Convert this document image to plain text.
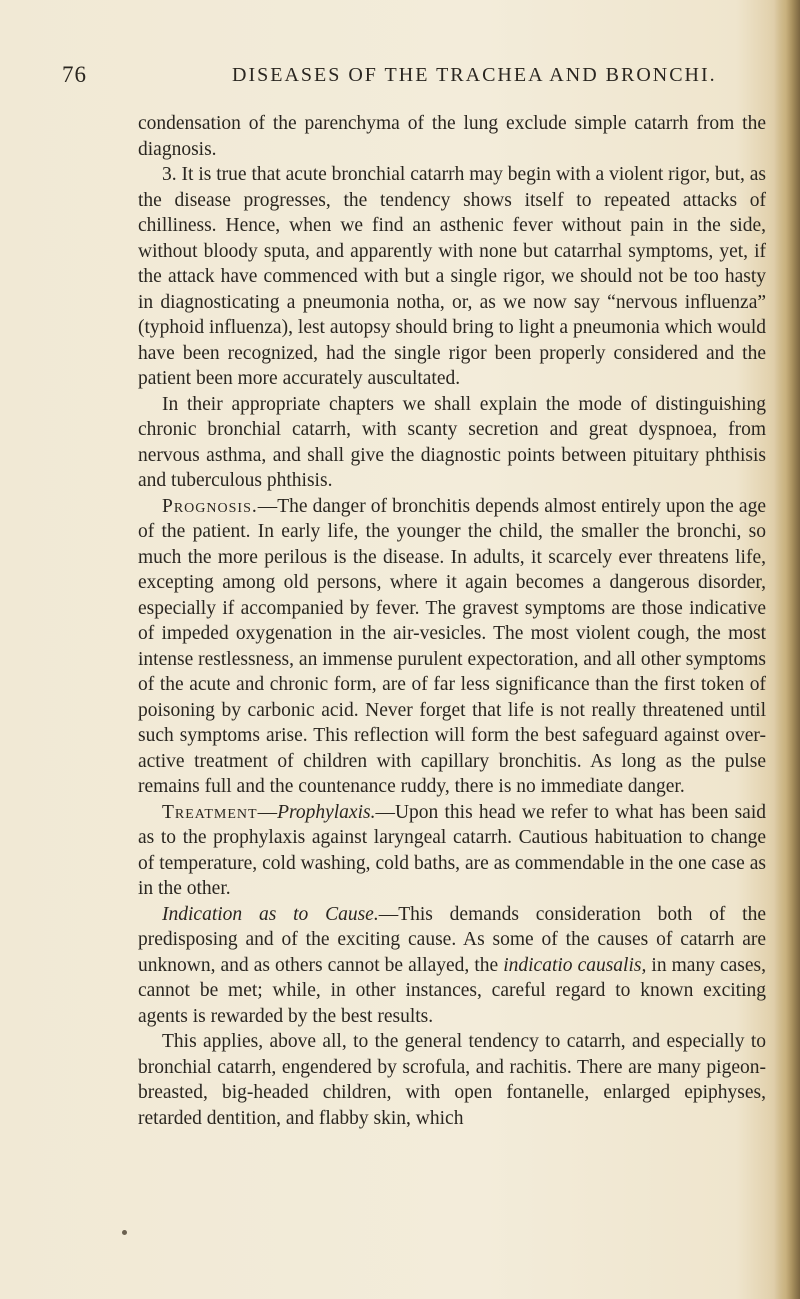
76	DISEASES OF THE TRACHEA AND BRONCHI.

condensation of the parenchyma of the lung exclude simple catarrh from the diagnosis.

3. It is true that acute bronchial catarrh may begin with a violent rigor, but, as the disease progresses, the tendency shows itself to repeated attacks of chilliness. Hence, when we find an asthenic fever without pain in the side, without bloody sputa, and apparently with none but catarrhal symptoms, yet, if the attack have commenced with but a single rigor, we should not be too hasty in diagnosticating a pneumonia notha, or, as we now say “nervous influenza” (typhoid influenza), lest autopsy should bring to light a pneumonia which would have been recognized, had the single rigor been properly considered and the patient been more accurately auscultated.

In their appropriate chapters we shall explain the mode of distinguishing chronic bronchial catarrh, with scanty secretion and great dyspnoea, from nervous asthma, and shall give the diagnostic points between pituitary phthisis and tuberculous phthisis.

Prognosis.—The danger of bronchitis depends almost entirely upon the age of the patient. In early life, the younger the child, the smaller the bronchi, so much the more perilous is the disease. In adults, it scarcely ever threatens life, excepting among old persons, where it again becomes a dangerous disorder, especially if accompanied by fever. The gravest symptoms are those indicative of impeded oxygenation in the air-vesicles. The most violent cough, the most intense restlessness, an immense purulent expectoration, and all other symptoms of the acute and chronic form, are of far less significance than the first token of poisoning by carbonic acid. Never forget that life is not really threatened until such symptoms arise. This reflection will form the best safeguard against over-active treatment of children with capillary bronchitis. As long as the pulse remains full and the countenance ruddy, there is no immediate danger.

Treatment—Prophylaxis.—Upon this head we refer to what has been said as to the prophylaxis against laryngeal catarrh. Cautious habituation to change of temperature, cold washing, cold baths, are as commendable in the one case as in the other.

Indication as to Cause.—This demands consideration both of the predisposing and of the exciting cause. As some of the causes of catarrh are unknown, and as others cannot be allayed, the indicatio causalis, in many cases, cannot be met; while, in other instances, careful regard to known exciting agents is rewarded by the best results.

This applies, above all, to the general tendency to catarrh, and especially to bronchial catarrh, engendered by scrofula, and rachitis. There are many pigeon-breasted, big-headed children, with open fontanelle, enlarged epiphyses, retarded dentition, and flabby skin, which
